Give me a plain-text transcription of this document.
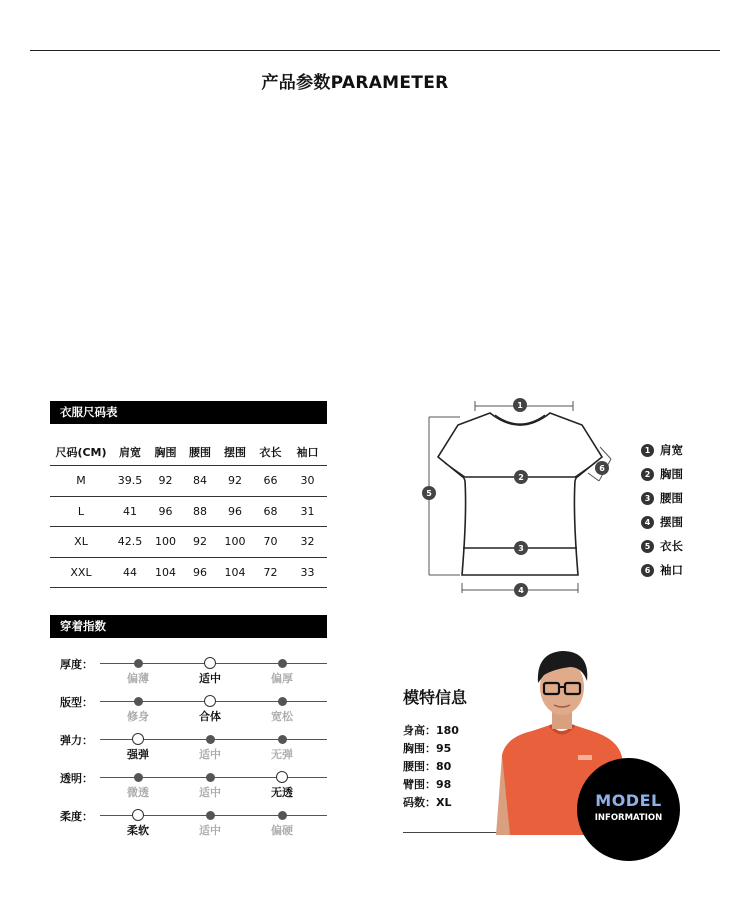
产品参数PARAMETER
衣服尺码表
尺码(CM)	肩宽	胸围	腰围	摆围	衣长	袖口
M	39.5	92	84	92	66	30
L	41	96	88	96	68	31
XL	42.5	100	92	100	70	32
XXL	44	104	96	104	72	33
穿着指数
厚度：
偏薄	适中	偏厚
版型：
修身	合体	宽松
弹力：
强弹	适中	无弹
透明：
微透	适中	无透
柔度：
柔软	适中	偏硬
1
2
3
4
5
6
1 肩宽
2 胸围
3 腰围
4 摆围
5 衣长
6 袖口
模特信息
身高：180
胸围：95
腰围：80
臂围：98
码数：XL	MODEL
INFORMATION
